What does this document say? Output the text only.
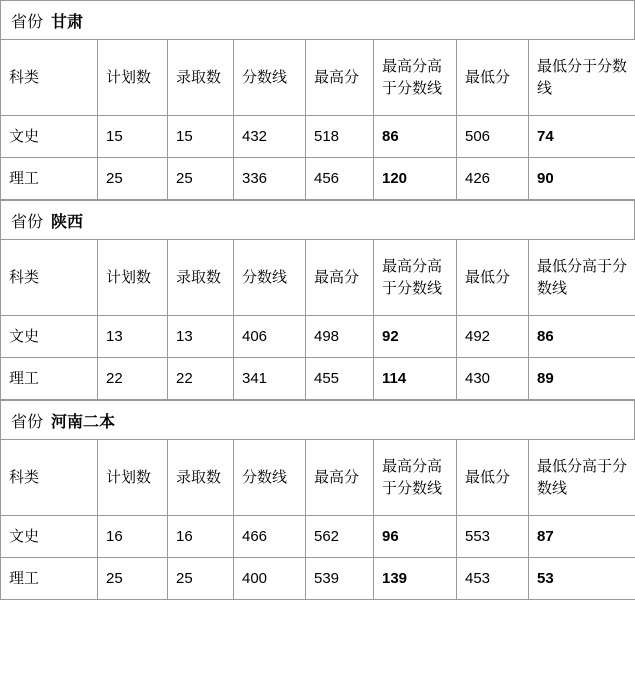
省份 甘肃
科类	计划数	录取数	分数线	最高分	最高分高于分数线	最低分	最低分于分数线
文史	15	15	432	518	86	506	74
理工	25	25	336	456	120	426	90
省份 陕西
科类	计划数	录取数	分数线	最高分	最高分高于分数线	最低分	最低分高于分数线
文史	13	13	406	498	92	492	86
理工	22	22	341	455	114	430	89
省份 河南二本
科类	计划数	录取数	分数线	最高分	最高分高于分数线	最低分	最低分高于分数线
文史	16	16	466	562	96	553	87
理工	25	25	400	539	139	453	53
